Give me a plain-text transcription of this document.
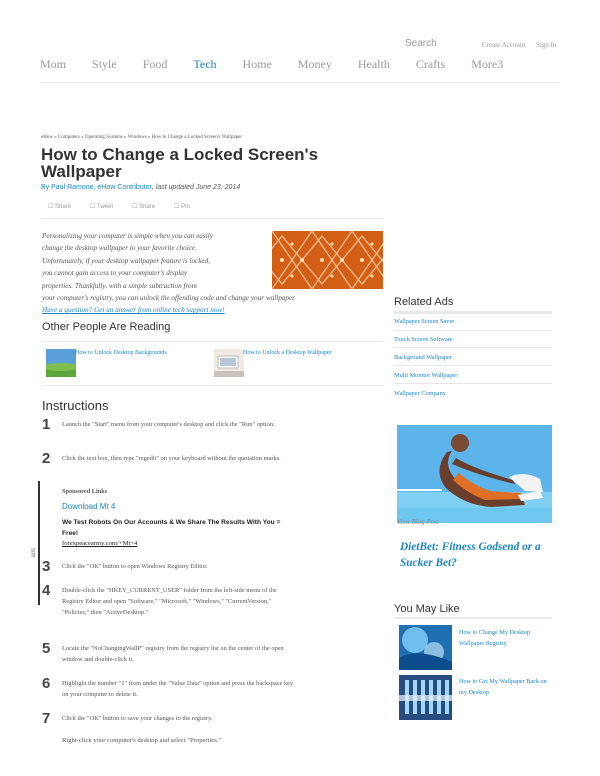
Search	Create Account Sign In
Mom Style Food Tech Home Money Health Crafts More3
eHow » Computers » Operating Systems » Windows » How to Change a Locked Screen's Wallpaper
How to Change a Locked Screen's Wallpaper
By Paul Ramone, eHow Contributor, last updated June 23, 2014
☐ Share	☐ Tweet	☐ Share	☐ Pin
Personalizing your computer is simple when you can easily
change the desktop wallpaper to your favorite choice.
Unfortunately, if your desktop wallpaper feature is locked,
you cannot gain access to your computer's display
properties. Thankfully, with a simple subtraction from
your computer's registry, you can unlock the offending code and change your wallpaper.
Have a question? Get an answer from online tech support now!
Other People Are Reading
How to Unlock Desktop Backgrounds	How to Unlock a Desktop Wallpaper
Instructions
1 Launch the "Start" menu from your computer's desktop and click the "Run" option.
2 Click the text box, then type "regedit" on your keyboard without the quotation marks.
ads
Sponsored Links
Download Mt 4
We Test Robots On Our Accounts & We Share The Results With You = Free!
forexpeacearmy.com/+Mt+4
3 Click the "OK" button to open Windows Registry Editor.
4 Double-click the "HKEY_CURRENT_USER" folder from the left-side menu of the Registry Editor and open "Software," "Microsoft," "Windows," "CurrentVersion," "Policies," then "ActiveDesktop."
5 Locate the "NoChangingWallP" registry from the registry list on the center of the open window and double-click it.
6 Highlight the number "1" from under the "Value Data" option and press the backspace key on your computer to delete it.
7 Click the "OK" button to save your changes to the registry.
Right-click your computer's desktop and select "Properties."
Related Ads
Wallpaper Screen Saver
Touch Screen Software
Background Wallpaper
Multi Monitor Wallpaper
Wallpaper Company
View Blog Post
DietBet: Fitness Godsend or a Sucker Bet?
You May Like
How to Change My Desktop Wallpaper Registry
How to Get My Wallpaper Back on my Desktop
